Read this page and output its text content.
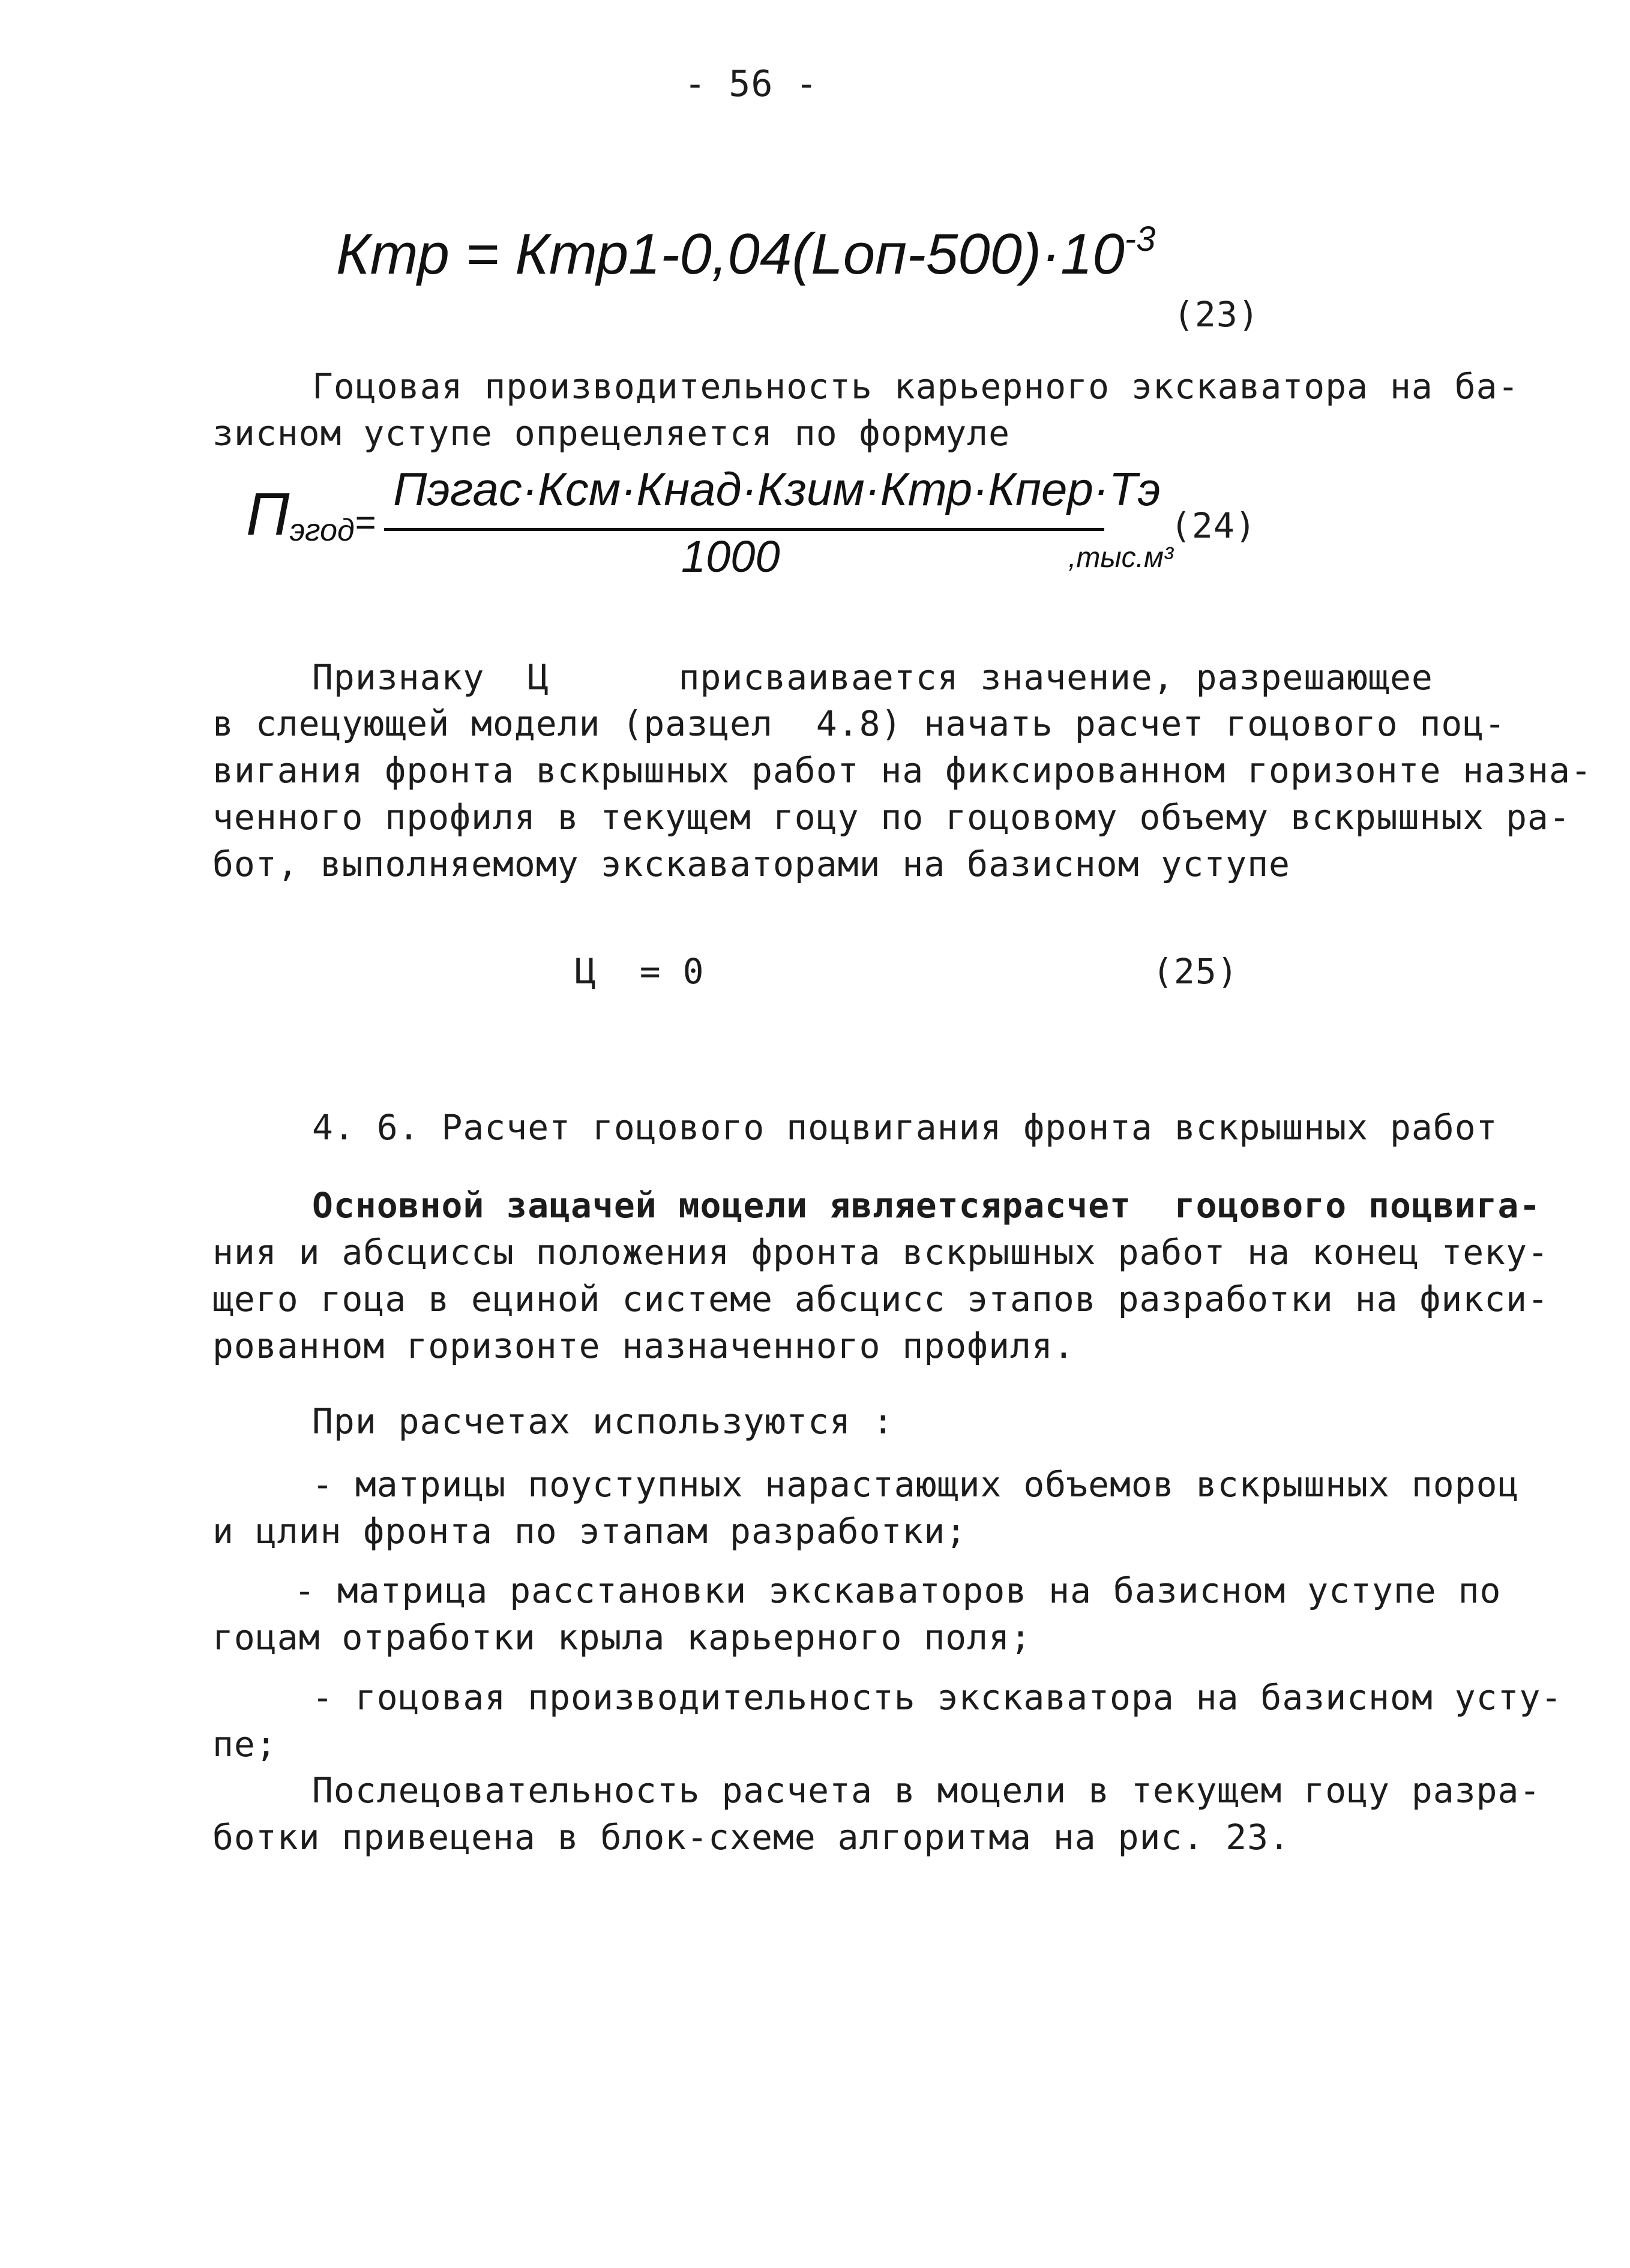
- 56 -
Ктр = $Ктр1-0,04(Lоп-500)\cdot 10^{-3}$
(23)
Гоцовая производительность карьерного экскаватора на ба-
зисном уступе опрецеляется по формуле
$П_{эгод}=$
Пэгас·Ксм·Кнад·Кзим·Ктр·Кпер·Тэ
1000	,тыс.м³
(24)
Признаку  Ц      присваивается значение, разрешающее
в слецующей модели (разцел  4.8) начать расчет гоцового поц-
вигания фронта вскрышных работ на фиксированном горизонте назна-
ченного профиля в текущем гоцу по гоцовому объему вскрышных ра-
бот, выполняемому экскаваторами на базисном уступе
Ц  = 0	(25)
4. 6. Расчет гоцового поцвигания фронта вскрышных работ
Основной зацачей моцели являетсярасчет  гоцового поцвига-
ния и абсциссы положения фронта вскрышных работ на конец теку-
щего гоца в ециной системе абсцисс этапов разработки на фикси-
рованном горизонте назначенного профиля.
При расчетах используются :
- матрицы поуступных нарастающих объемов вскрышных пороц
и цлин фронта по этапам разработки;
- матрица расстановки экскаваторов на базисном уступе по
гоцам отработки крыла карьерного поля;
- гоцовая производительность экскаватора на базисном усту-
пе;
Послецовательность расчета в моцели в текущем гоцу разра-
ботки привецена в блок-схеме алгоритма на рис. 23.
